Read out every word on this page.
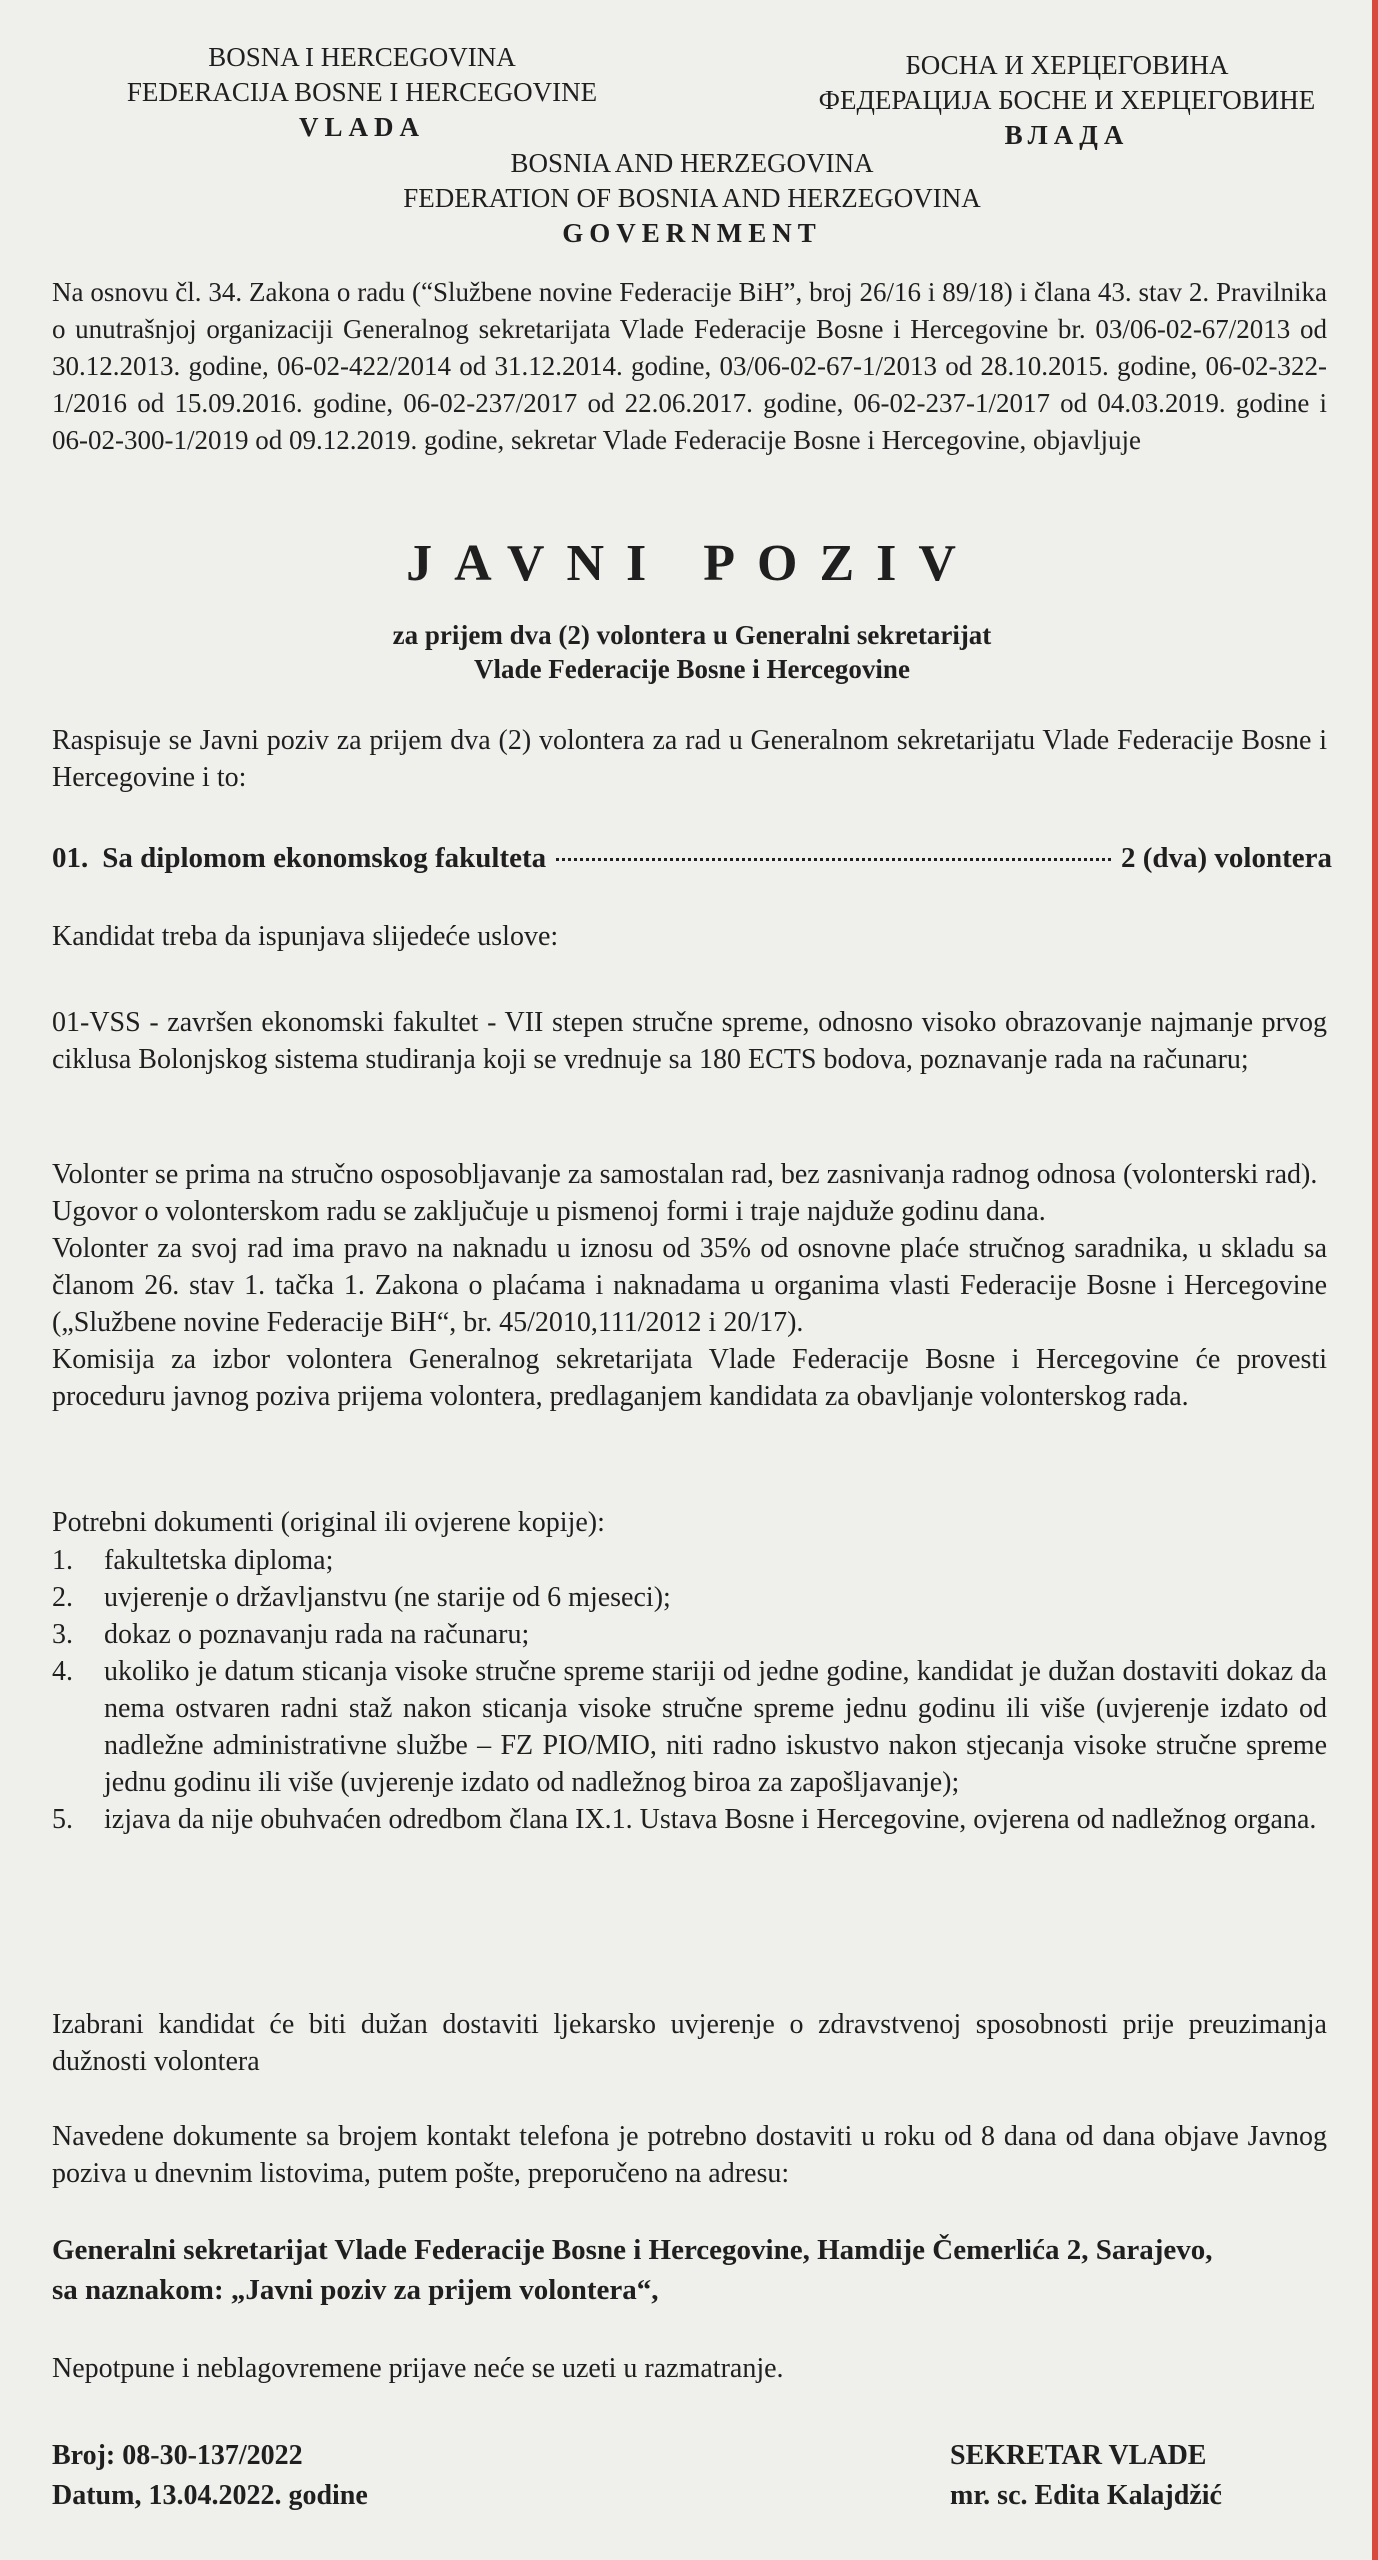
BOSNA I HERCEGOVINA
FEDERACIJA BOSNE I HERCEGOVINE
VLADA
БОСНА И ХЕРЦЕГОВИНА
ФЕДЕРАЦИЈА БОСНЕ И ХЕРЦЕГОВИНЕ
ВЛАДА
BOSNIA AND HERZEGOVINA
FEDERATION OF BOSNIA AND HERZEGOVINA
GOVERNMENT
Na osnovu čl. 34. Zakona o radu (“Službene novine Federacije BiH”, broj 26/16 i 89/18) i člana 43. stav 2. Pravilnika o unutrašnjoj organizaciji Generalnog sekretarijata Vlade Federacije Bosne i Hercegovine br. 03/06-02-67/2013 od 30.12.2013. godine, 06-02-422/2014 od 31.12.2014. godine, 03/06-02-67-1/2013 od 28.10.2015. godine, 06-02-322-1/2016 od 15.09.2016. godine, 06-02-237/2017 od 22.06.2017. godine, 06-02-237-1/2017 od 04.03.2019. godine i 06-02-300-1/2019 od 09.12.2019. godine, sekretar Vlade Federacije Bosne i Hercegovine, objavljuje
JAVNI POZIV
za prijem dva (2) volontera u Generalni sekretarijat
Vlade Federacije Bosne i Hercegovine
Raspisuje se Javni poziv za prijem dva (2) volontera za rad u Generalnom sekretarijatu Vlade Federacije Bosne i Hercegovine i to:
01. Sa diplomom ekonomskog fakulteta	2 (dva) volontera
Kandidat treba da ispunjava slijedeće uslove:
01-VSS - završen ekonomski fakultet - VII stepen stručne spreme, odnosno visoko obrazovanje najmanje prvog ciklusa Bolonjskog sistema studiranja koji se vrednuje sa 180 ECTS bodova, poznavanje rada na računaru;
Volonter se prima na stručno osposobljavanje za samostalan rad, bez zasnivanja radnog odnosa (volonterski rad).
Ugovor o volonterskom radu se zaključuje u pismenoj formi i traje najduže godinu dana.
Volonter za svoj rad ima pravo na naknadu u iznosu od 35% od osnovne plaće stručnog saradnika, u skladu sa članom 26. stav 1. tačka 1. Zakona o plaćama i naknadama u organima vlasti Federacije Bosne i Hercegovine („Službene novine Federacije BiH“, br. 45/2010,111/2012 i 20/17).
Komisija za izbor volontera Generalnog sekretarijata Vlade Federacije Bosne i Hercegovine će provesti proceduru javnog poziva prijema volontera, predlaganjem kandidata za obavljanje volonterskog rada.
Potrebni dokumenti (original ili ovjerene kopije):
1.	fakultetska diploma;
2.	uvjerenje o državljanstvu (ne starije od 6 mjeseci);
3.	dokaz o poznavanju rada na računaru;
4.	ukoliko je datum sticanja visoke stručne spreme stariji od jedne godine, kandidat je dužan dostaviti dokaz da nema ostvaren radni staž nakon sticanja visoke stručne spreme jednu godinu ili više (uvjerenje izdato od nadležne administrativne službe – FZ PIO/MIO, niti radno iskustvo nakon stjecanja visoke stručne spreme jednu godinu ili više (uvjerenje izdato od nadležnog biroa za zapošljavanje);
5.	izjava da nije obuhvaćen odredbom člana IX.1. Ustava Bosne i Hercegovine, ovjerena od nadležnog organa.
Izabrani kandidat će biti dužan dostaviti ljekarsko uvjerenje o zdravstvenoj sposobnosti prije preuzimanja dužnosti volontera
Navedene dokumente sa brojem kontakt telefona je potrebno dostaviti u roku od 8 dana od dana objave Javnog poziva u dnevnim listovima, putem pošte, preporučeno na adresu:
Generalni sekretarijat Vlade Federacije Bosne i Hercegovine, Hamdije Čemerlića 2, Sarajevo,
sa naznakom: „Javni poziv za prijem volontera“,
Nepotpune i neblagovremene prijave neće se uzeti u razmatranje.
Broj: 08-30-137/2022
Datum, 13.04.2022. godine
SEKRETAR VLADE
mr. sc. Edita Kalajdžić
